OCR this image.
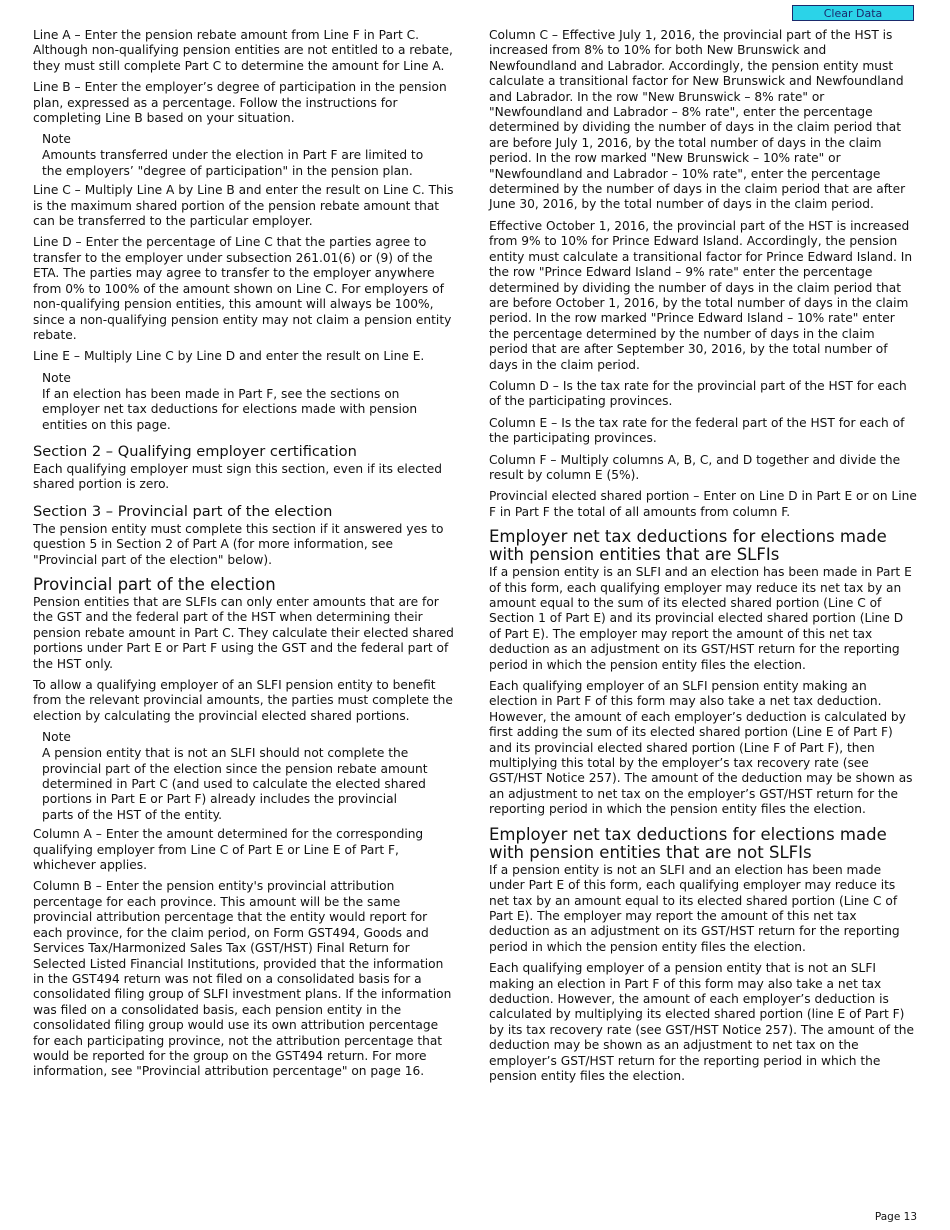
Clear Data

Line A – Enter the pension rebate amount from Line F in Part C. Although non-qualifying pension entities are not entitled to a rebate, they must still complete Part C to determine the amount for Line A.

Line B – Enter the employer’s degree of participation in the pension plan, expressed as a percentage. Follow the instructions for completing Line B based on your situation.

Note
Amounts transferred under the election in Part F are limited to the employers’ "degree of participation" in the pension plan.

Line C – Multiply Line A by Line B and enter the result on Line C. This is the maximum shared portion of the pension rebate amount that can be transferred to the particular employer.

Line D – Enter the percentage of Line C that the parties agree to transfer to the employer under subsection 261.01(6) or (9) of the ETA. The parties may agree to transfer to the employer anywhere from 0% to 100% of the amount shown on Line C. For employers of non-qualifying pension entities, this amount will always be 100%, since a non-qualifying pension entity may not claim a pension entity rebate.

Line E – Multiply Line C by Line D and enter the result on Line E.

Note
If an election has been made in Part F, see the sections on employer net tax deductions for elections made with pension entities on this page.
Section 2 – Qualifying employer certification

Each qualifying employer must sign this section, even if its elected shared portion is zero.

Section 3 – Provincial part of the election

The pension entity must complete this section if it answered yes to question 5 in Section 2 of Part A (for more information, see "Provincial part of the election" below).

Provincial part of the election

Pension entities that are SLFIs can only enter amounts that are for the GST and the federal part of the HST when determining their pension rebate amount in Part C. They calculate their elected shared portions under Part E or Part F using the GST and the federal part of the HST only.

To allow a qualifying employer of an SLFI pension entity to benefit from the relevant provincial amounts, the parties must complete the election by calculating the provincial elected shared portions.

Note
A pension entity that is not an SLFI should not complete the provincial part of the election since the pension rebate amount determined in Part C (and used to calculate the elected shared portions in Part E or Part F) already includes the provincial parts of the HST of the entity.

Column A – Enter the amount determined for the corresponding qualifying employer from Line C of Part E or Line E of Part F, whichever applies.

Column B – Enter the pension entity's provincial attribution percentage for each province. This amount will be the same provincial attribution percentage that the entity would report for each province, for the claim period, on Form GST494, Goods and Services Tax/Harmonized Sales Tax (GST/HST) Final Return for Selected Listed Financial Institutions, provided that the information in the GST494 return was not filed on a consolidated basis for a consolidated filing group of SLFI investment plans. If the information was filed on a consolidated basis, each pension entity in the consolidated filing group would use its own attribution percentage for each participating province, not the attribution percentage that would be reported for the group on the GST494 return. For more information, see "Provincial attribution percentage" on page 16.

Column C – Effective July 1, 2016, the provincial part of the HST is increased from 8% to 10% for both New Brunswick and Newfoundland and Labrador. Accordingly, the pension entity must calculate a transitional factor for New Brunswick and Newfoundland and Labrador. In the row "New Brunswick – 8% rate" or "Newfoundland and Labrador – 8% rate", enter the percentage determined by dividing the number of days in the claim period that are before July 1, 2016, by the total number of days in the claim period. In the row marked "New Brunswick – 10% rate" or "Newfoundland and Labrador – 10% rate", enter the percentage determined by the number of days in the claim period that are after June 30, 2016, by the total number of days in the claim period.

Effective October 1, 2016, the provincial part of the HST is increased from 9% to 10% for Prince Edward Island. Accordingly, the pension entity must calculate a transitional factor for Prince Edward Island. In the row "Prince Edward Island – 9% rate" enter the percentage determined by dividing the number of days in the claim period that are before October 1, 2016, by the total number of days in the claim period. In the row marked "Prince Edward Island – 10% rate" enter the percentage determined by the number of days in the claim period that are after September 30, 2016, by the total number of days in the claim period.

Column D – Is the tax rate for the provincial part of the HST for each of the participating provinces.

Column E – Is the tax rate for the federal part of the HST for each of the participating provinces.

Column F – Multiply columns A, B, C, and D together and divide the result by column E (5%).

Provincial elected shared portion – Enter on Line D in Part E or on Line F in Part F the total of all amounts from column F.

Employer net tax deductions for elections made with pension entities that are SLFIs

If a pension entity is an SLFI and an election has been made in Part E of this form, each qualifying employer may reduce its net tax by an amount equal to the sum of its elected shared portion (Line C of Section 1 of Part E) and its provincial elected shared portion (Line D of Part E). The employer may report the amount of this net tax deduction as an adjustment on its GST/HST return for the reporting period in which the pension entity files the election.

Each qualifying employer of an SLFI pension entity making an election in Part F of this form may also take a net tax deduction. However, the amount of each employer’s deduction is calculated by first adding the sum of its elected shared portion (Line E of Part F) and its provincial elected shared portion (Line F of Part F), then multiplying this total by the employer’s tax recovery rate (see GST/HST Notice 257). The amount of the deduction may be shown as an adjustment to net tax on the employer’s GST/HST return for the reporting period in which the pension entity files the election.

Employer net tax deductions for elections made with pension entities that are not SLFIs

If a pension entity is not an SLFI and an election has been made under Part E of this form, each qualifying employer may reduce its net tax by an amount equal to its elected shared portion (Line C of Part E). The employer may report the amount of this net tax deduction as an adjustment on its GST/HST return for the reporting period in which the pension entity files the election.

Each qualifying employer of a pension entity that is not an SLFI making an election in Part F of this form may also take a net tax deduction. However, the amount of each employer’s deduction is calculated by multiplying its elected shared portion (line E of Part F) by its tax recovery rate (see GST/HST Notice 257). The amount of the deduction may be shown as an adjustment to net tax on the employer’s GST/HST return for the reporting period in which the pension entity files the election.

Page 13
